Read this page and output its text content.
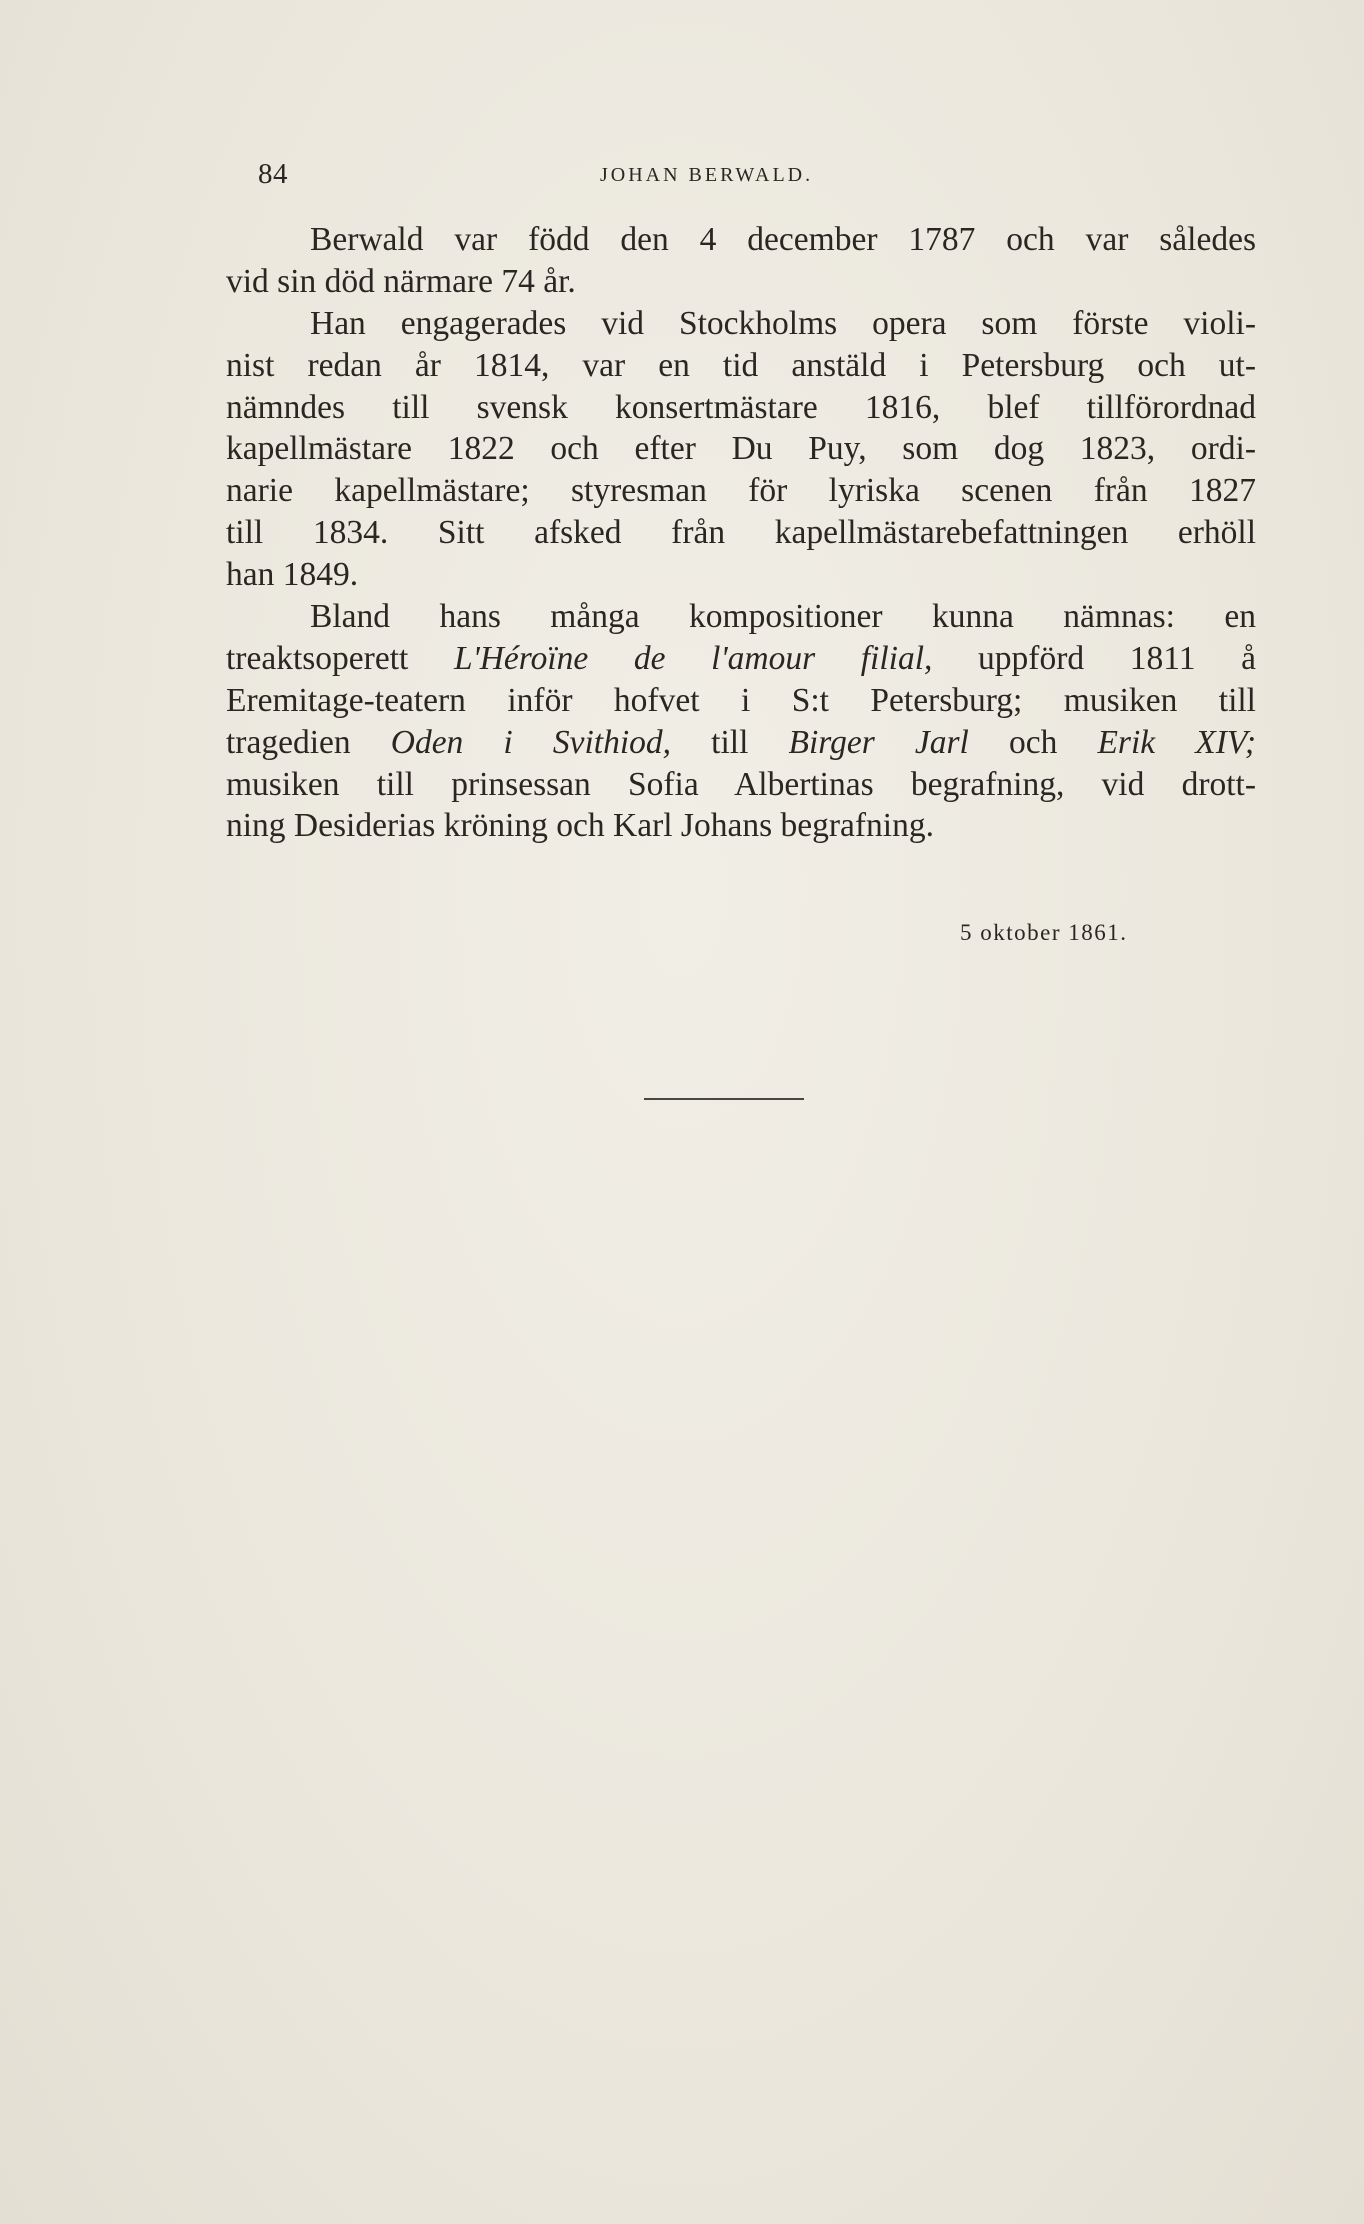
84	JOHAN BERWALD.
Berwald var född den 4 december 1787 och var således
vid sin död närmare 74 år.
Han engagerades vid Stockholms opera som förste violi-
nist redan år 1814, var en tid anstäld i Petersburg och ut-
nämndes till svensk konsertmästare 1816, blef tillförordnad
kapellmästare 1822 och efter Du Puy, som dog 1823, ordi-
narie kapellmästare; styresman för lyriska scenen från 1827
till 1834. Sitt afsked från kapellmästarebefattningen erhöll
han 1849.
Bland hans många kompositioner kunna nämnas: en
treaktsoperett L'Héroïne de l'amour filial, uppförd 1811 å
Eremitage-teatern inför hofvet i S:t Petersburg; musiken till
tragedien Oden i Svithiod, till Birger Jarl och Erik XIV;
musiken till prinsessan Sofia Albertinas begrafning, vid drott-
ning Desiderias kröning och Karl Johans begrafning.
5 oktober 1861.
